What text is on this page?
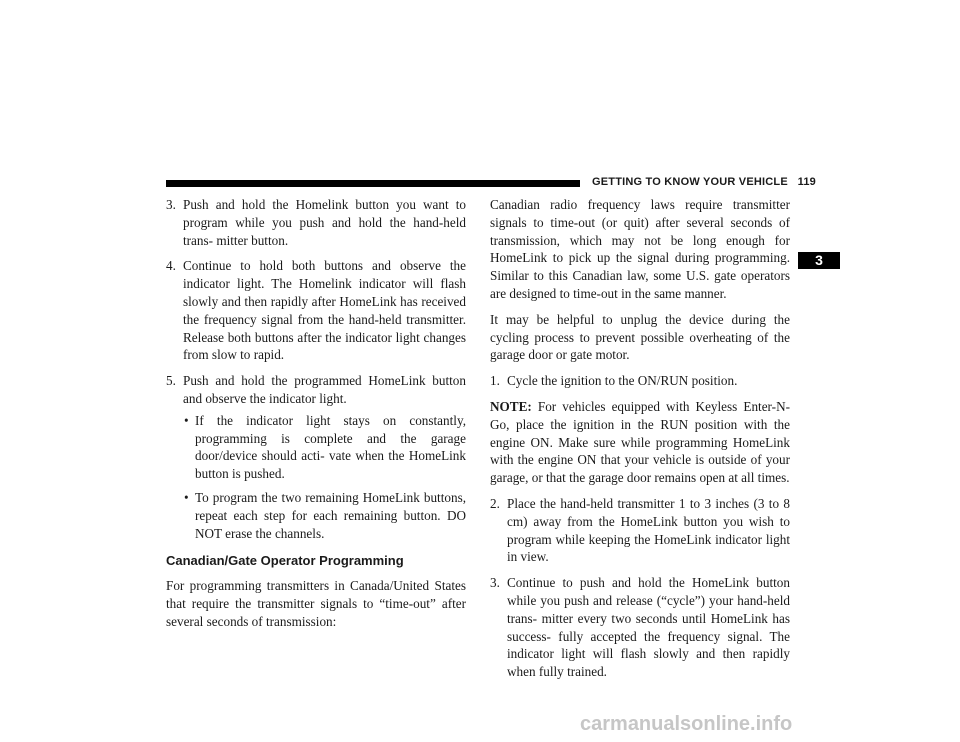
GETTING TO KNOW YOUR VEHICLE 119
3
3. Push and hold the Homelink button you want to program while you push and hold the hand-held trans- mitter button.
4. Continue to hold both buttons and observe the indicator light. The Homelink indicator will flash slowly and then rapidly after HomeLink has received the frequency signal from the hand-held transmitter. Release both buttons after the indicator light changes from slow to rapid.
5. Push and hold the programmed HomeLink button and observe the indicator light.
• If the indicator light stays on constantly, programming is complete and the garage door/device should acti- vate when the HomeLink button is pushed.
• To program the two remaining HomeLink buttons, repeat each step for each remaining button. DO NOT erase the channels.
Canadian/Gate Operator Programming

For programming transmitters in Canada/United States that require the transmitter signals to “time-out” after several seconds of transmission:

Canadian radio frequency laws require transmitter signals to time-out (or quit) after several seconds of transmission, which may not be long enough for HomeLink to pick up the signal during programming. Similar to this Canadian law, some U.S. gate operators are designed to time-out in the same manner.

It may be helpful to unplug the device during the cycling process to prevent possible overheating of the garage door or gate motor.

1. Cycle the ignition to the ON/RUN position.

NOTE: For vehicles equipped with Keyless Enter-N-Go, place the ignition in the RUN position with the engine ON. Make sure while programming HomeLink with the engine ON that your vehicle is outside of your garage, or that the garage door remains open at all times.

2. Place the hand-held transmitter 1 to 3 inches (3 to 8 cm) away from the HomeLink button you wish to program while keeping the HomeLink indicator light in view.
3. Continue to push and hold the HomeLink button while you push and release (“cycle”) your hand-held trans- mitter every two seconds until HomeLink has success- fully accepted the frequency signal. The indicator light will flash slowly and then rapidly when fully trained.
carmanualsonline.info
